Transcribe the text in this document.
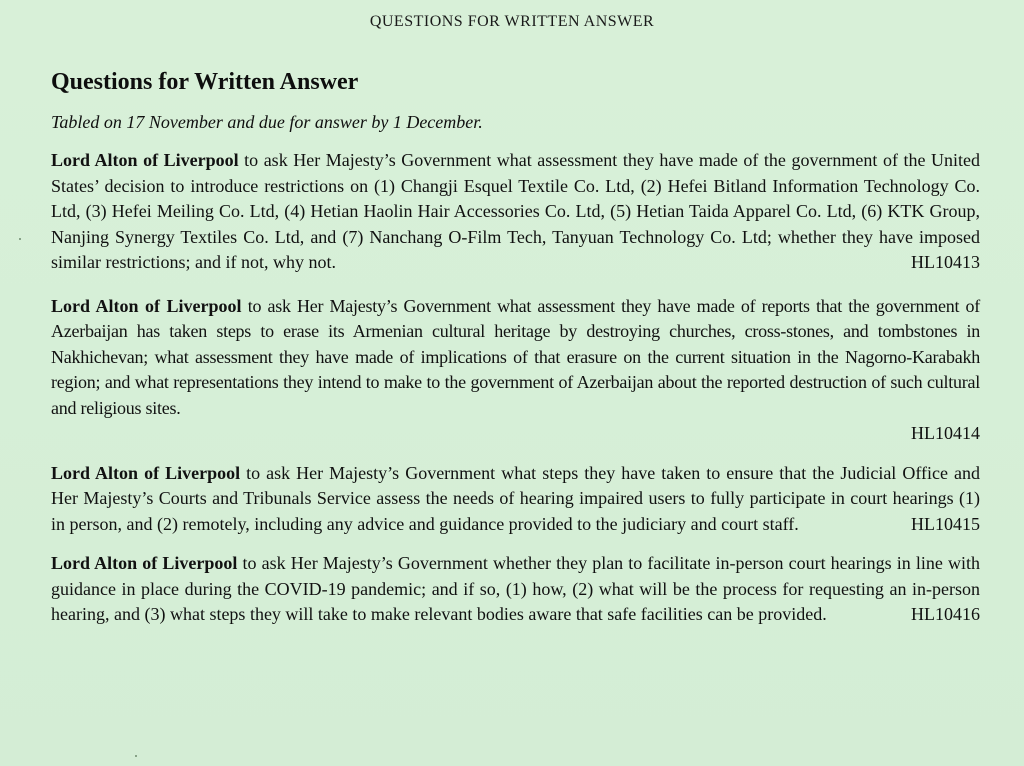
QUESTIONS FOR WRITTEN ANSWER
Questions for Written Answer

Tabled on 17 November and due for answer by 1 December.

Lord Alton of Liverpool to ask Her Majesty’s Government what assessment they have made of the government of the United States’ decision to introduce restrictions on (1) Changji Esquel Textile Co. Ltd, (2) Hefei Bitland Information Technology Co. Ltd, (3) Hefei Meiling Co. Ltd, (4) Hetian Haolin Hair Accessories Co. Ltd, (5) Hetian Taida Apparel Co. Ltd, (6) KTK Group, Nanjing Synergy Textiles Co. Ltd, and (7) Nanchang O-Film Tech, Tanyuan Technology Co. Ltd; whether they have imposed similar restrictions; and if not, why not.	HL10413

Lord Alton of Liverpool to ask Her Majesty’s Government what assessment they have made of reports that the government of Azerbaijan has taken steps to erase its Armenian cultural heritage by destroying churches, cross-stones, and tombstones in Nakhichevan; what assessment they have made of implications of that erasure on the current situation in the Nagorno-Karabakh region; and what representations they intend to make to the government of Azerbaijan about the reported destruction of such cultural and religious sites.
HL10414

Lord Alton of Liverpool to ask Her Majesty’s Government what steps they have taken to ensure that the Judicial Office and Her Majesty’s Courts and Tribunals Service assess the needs of hearing impaired users to fully participate in court hearings (1) in person, and (2) remotely, including any advice and guidance provided to the judiciary and court staff.	HL10415

Lord Alton of Liverpool to ask Her Majesty’s Government whether they plan to facilitate in-person court hearings in line with guidance in place during the COVID-19 pandemic; and if so, (1) how, (2) what will be the process for requesting an in-person hearing, and (3) what steps they will take to make relevant bodies aware that safe facilities can be provided.	HL10416
